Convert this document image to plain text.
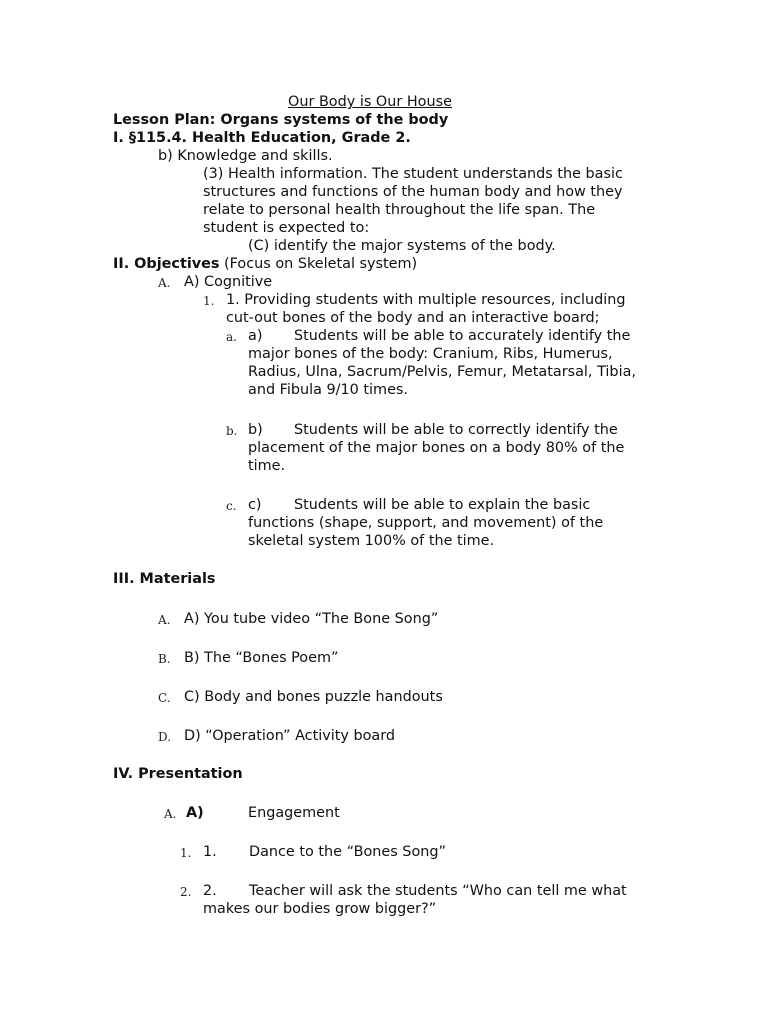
Our Body is Our House
Lesson Plan: Organs systems of the body
I. §115.4. Health Education, Grade 2.
b) Knowledge and skills.
(3) Health information. The student understands the basic
structures and functions of the human body and how they
relate to personal health throughout the life span. The
student is expected to:
(C) identify the major systems of the body.
II. Objectives (Focus on Skeletal system)
A. A) Cognitive
1. 1. Providing students with multiple resources, including
cut-out bones of the body and an interactive board;
a. a) Students will be able to accurately identify the
major bones of the body: Cranium, Ribs, Humerus,
Radius, Ulna, Sacrum/Pelvis, Femur, Metatarsal, Tibia,
and Fibula 9/10 times.
b. b) Students will be able to correctly identify the
placement of the major bones on a body 80% of the
time.
c. c) Students will be able to explain the basic
functions (shape, support, and movement) of the
skeletal system 100% of the time.
III. Materials
A. A) You tube video “The Bone Song”
B. B) The “Bones Poem”
C. C) Body and bones puzzle handouts
D. D) “Operation” Activity board
IV. Presentation
A. A)	Engagement
1. 1. Dance to the “Bones Song”
2. 2. Teacher will ask the students “Who can tell me what
makes our bodies grow bigger?”
